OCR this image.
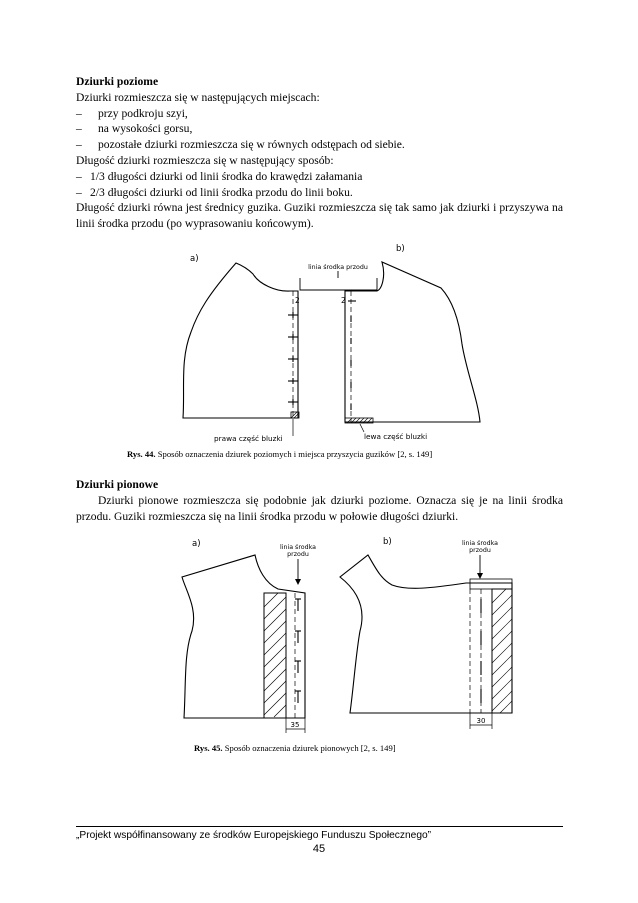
Dziurki poziome

Dziurki rozmieszcza się w następujących miejscach:

–	przy podkroju szyi,
–	na wysokości gorsu,
–	pozostałe dziurki rozmieszcza się w równych odstępach od siebie.

Długość dziurki rozmieszcza się w następujący sposób:

– 1/3 długości dziurki od linii środka do krawędzi załamania
– 2/3 długości dziurki od linii środka przodu do linii boku.

Długość dziurki równa jest średnicy guzika. Guziki rozmieszcza się tak samo jak dziurki i przyszywa na linii środka przodu (po wyprasowaniu końcowym).

a)
b)
linia środka przodu
2
prawa część bluzki
2
lewa część bluzki
Rys. 44. Sposób oznaczenia dziurek poziomych i miejsca przyszycia guzików [2, s. 149]

Dziurki pionowe

Dziurki pionowe rozmieszcza się podobnie jak dziurki poziome. Oznacza się je na linii środka przodu. Guziki rozmieszcza się na linii środka przodu w połowie długości dziurki.

a)	linia środka
przodu
35
b)	linia środka
przodu
30
Rys. 45. Sposób oznaczenia dziurek pionowych [2, s. 149]
„Projekt współfinansowany ze środków Europejskiego Funduszu Społecznego”
45
